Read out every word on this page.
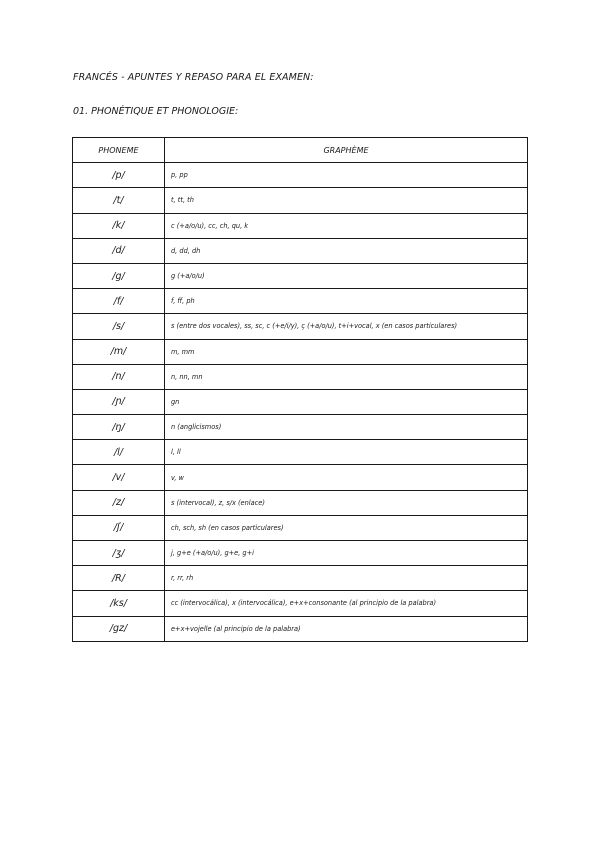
FRANCÉS - APUNTES Y REPASO PARA EL EXAMEN:
01. PHONÉTIQUE ET PHONOLOGIE:
PHONEME	GRAPHÈME
/p/	p, pp
/t/	t, tt, th
/k/	c (+a/o/u), cc, ch, qu, k
/d/	d, dd, dh
/g/	g (+a/o/u)
/f/	f, ff, ph
/s/	s (entre dos vocales), ss, sc, c (+e/i/y), ç (+a/o/u), t+i+vocal, x (en casos particulares)
/m/	m, mm
/n/	n, nn, mn
/ɲ/	gn
/ŋ/	n (anglicismos)
/l/	l, ll
/v/	v, w
/z/	s (intervocal), z, s/x (enlace)
/ʃ/	ch, sch, sh (en casos particulares)
/ʒ/	j, g+e (+a/o/u), g+e, g+i
/R/	r, rr, rh
/ks/	cc (intervocálica), x (intervocálica), e+x+consonante (al principio de la palabra)
/gz/	e+x+vojelle (al principio de la palabra)
